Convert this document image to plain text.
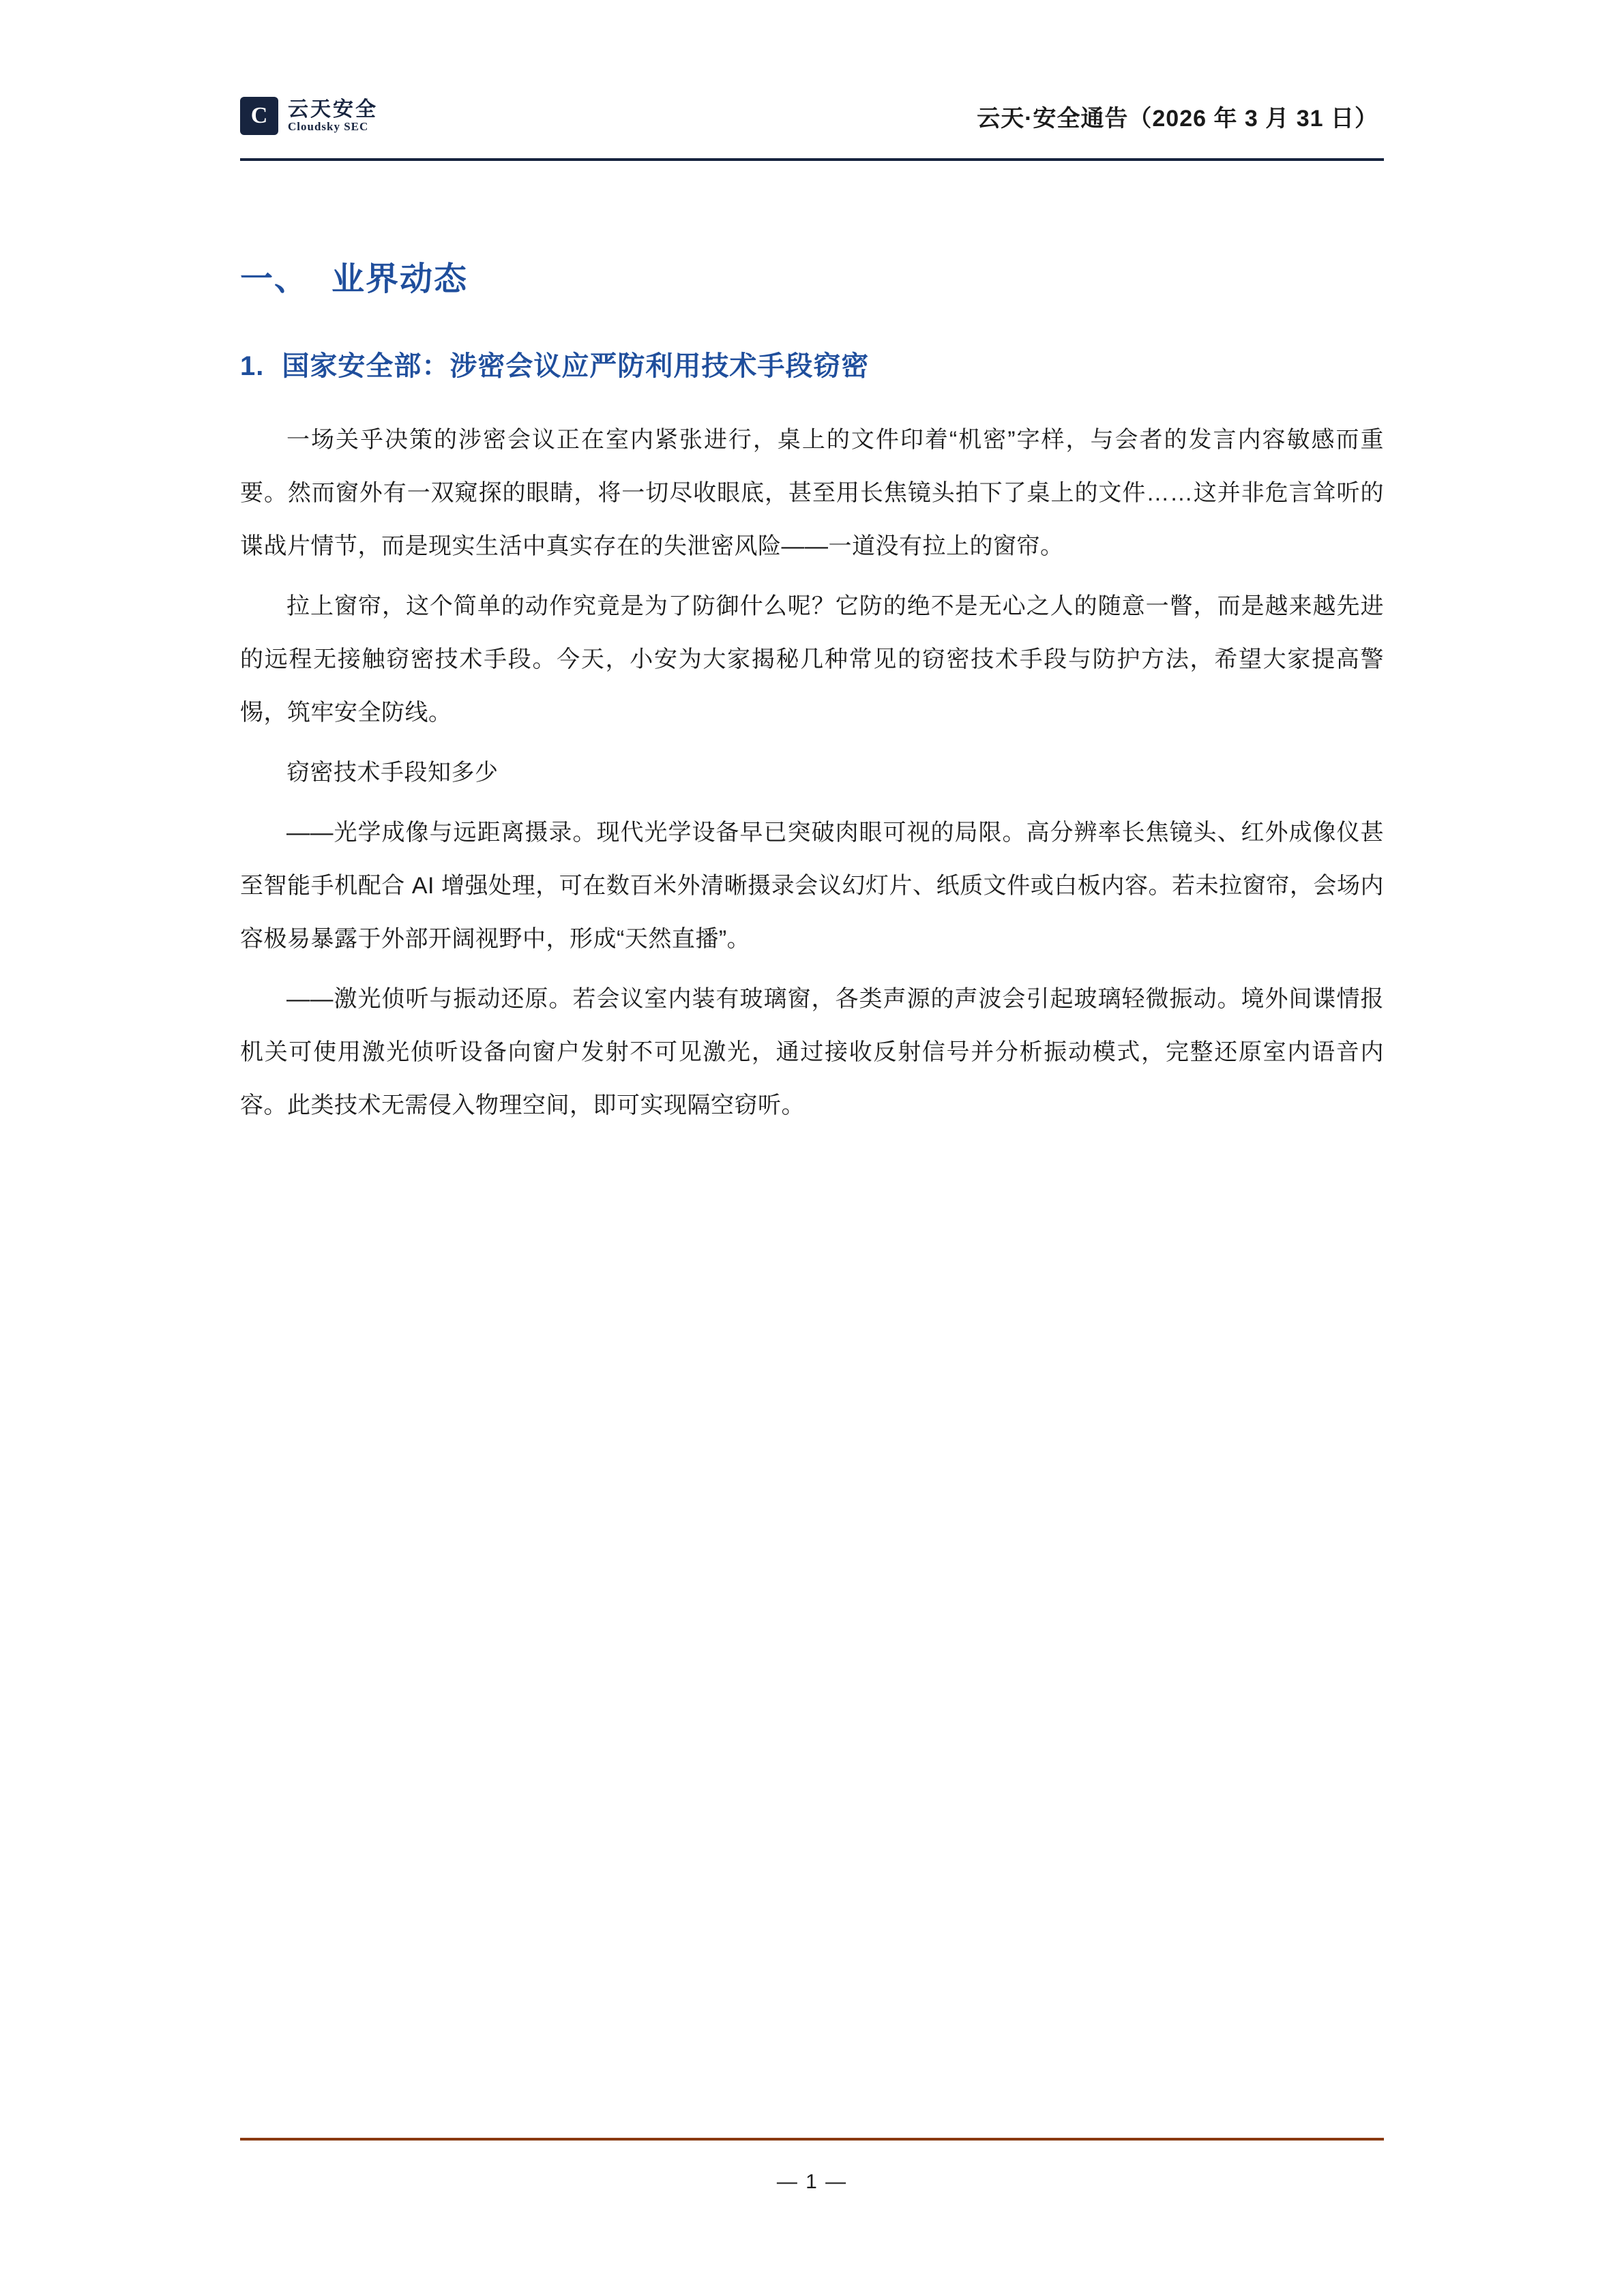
C 云天安全
Cloudsky SEC	云天·安全通告（2026 年 3 月 31 日）
一、 业界动态
1. 国家安全部：涉密会议应严防利用技术手段窃密

一场关乎决策的涉密会议正在室内紧张进行，桌上的文件印着“机密”字样，与会者的发言内容敏感而重要。然而窗外有一双窥探的眼睛，将一切尽收眼底，甚至用长焦镜头拍下了桌上的文件……这并非危言耸听的谍战片情节，而是现实生活中真实存在的失泄密风险——一道没有拉上的窗帘。

拉上窗帘，这个简单的动作究竟是为了防御什么呢？它防的绝不是无心之人的随意一瞥，而是越来越先进的远程无接触窃密技术手段。今天，小安为大家揭秘几种常见的窃密技术手段与防护方法，希望大家提高警惕，筑牢安全防线。

窃密技术手段知多少

——光学成像与远距离摄录。现代光学设备早已突破肉眼可视的局限。高分辨率长焦镜头、红外成像仪甚至智能手机配合 AI 增强处理，可在数百米外清晰摄录会议幻灯片、纸质文件或白板内容。若未拉窗帘，会场内容极易暴露于外部开阔视野中，形成“天然直播”。

——激光侦听与振动还原。若会议室内装有玻璃窗，各类声源的声波会引起玻璃轻微振动。境外间谍情报机关可使用激光侦听设备向窗户发射不可见激光，通过接收反射信号并分析振动模式，完整还原室内语音内容。此类技术无需侵入物理空间，即可实现隔空窃听。

— 1 —
